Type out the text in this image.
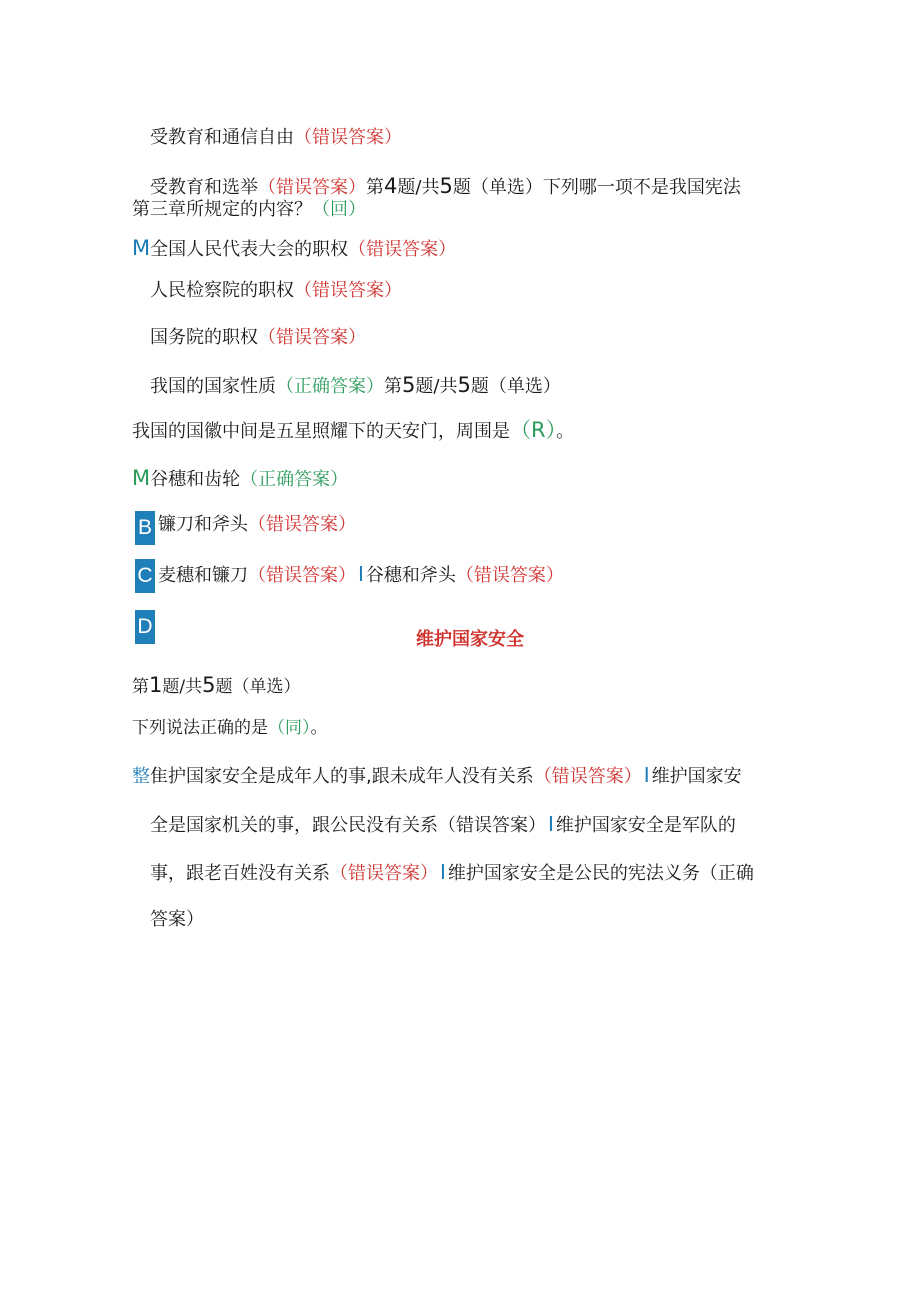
受教育和通信自由（错误答案）
受教育和选举（错误答案）第4题/共5题（单选）下列哪一项不是我国宪法
第三章所规定的内容？（回）
M全国人民代表大会的职权（错误答案）
人民检察院的职权（错误答案）
国务院的职权（错误答案）
我国的国家性质（正确答案）第5题/共5题（单选）
我国的国徽中间是五星照耀下的天安门，周围是（R）。
M谷穗和齿轮（正确答案）
B 镰刀和斧头（错误答案）
C 麦穗和镰刀（错误答案） I 谷穗和斧头（错误答案）
D
维护国家安全
第1题/共5题（单选）
下列说法正确的是（同）。
整隹护国家安全是成年人的事,跟未成年人没有关系（错误答案） I 维护国家安
全是国家机关的事，跟公民没有关系（错误答案） I 维护国家安全是军队的
事，跟老百姓没有关系（错误答案） I 维护国家安全是公民的宪法义务（正确
答案）
